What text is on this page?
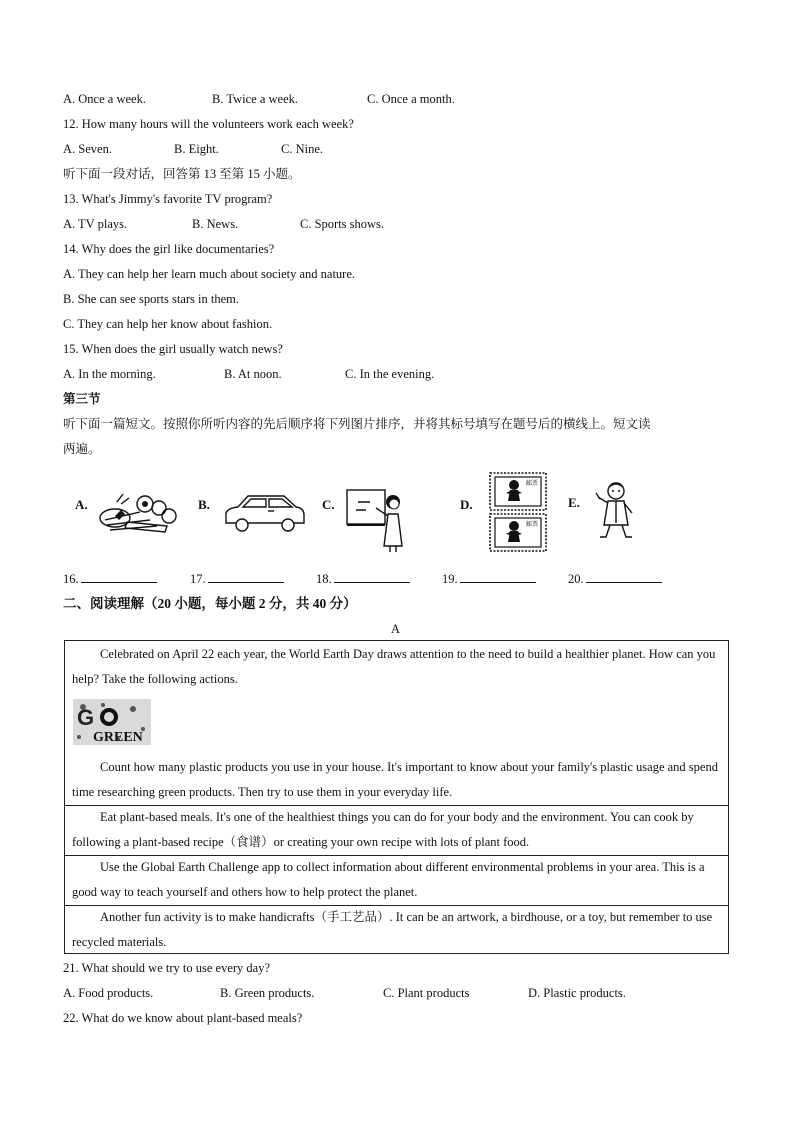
A. Once a week.	B. Twice a week.	C. Once a month.
12. How many hours will the volunteers work each week?
A. Seven.	B. Eight.	C. Nine.
听下面一段对话，回答第 13 至第 15 小题。
13. What's Jimmy's favorite TV program?
A. TV plays.	B. News.	C. Sports shows.
14. Why does the girl like documentaries?
A. They can help her learn much about society and nature.
B. She can see sports stars in them.
C. They can help her know about fashion.
15. When does the girl usually watch news?
A. In the morning.	B. At noon.	C. In the evening.
第三节
听下面一篇短文。按照你所听内容的先后顺序将下列图片排序，并将其标号填写在题号后的横线上。短文读
两遍。
A.	B.	C.	D.	E.
邮票
邮票
16.	17.	18.	19.	20.
二、阅读理解（20 小题，每小题 2 分，共 40 分）
A
Celebrated on April 22 each year, the World Earth Day draws attention to the need to build a healthier planet. How can you help? Take the following actions.
G
GREEN
Count how many plastic products you use in your house. It's important to know about your family's plastic usage and spend time researching green products. Then try to use them in your everyday life.
Eat plant-based meals. It's one of the healthiest things you can do for your body and the environment. You can cook by following a plant-based recipe（食谱）or creating your own recipe with lots of plant food.
Use the Global Earth Challenge app to collect information about different environmental problems in your area. This is a good way to teach yourself and others how to help protect the planet.
Another fun activity is to make handicrafts（手工艺品）. It can be an artwork, a birdhouse, or a toy, but remember to use recycled materials.
21. What should we try to use every day?
A. Food products.	B. Green products.	C. Plant products	D. Plastic products.
22. What do we know about plant-based meals?
